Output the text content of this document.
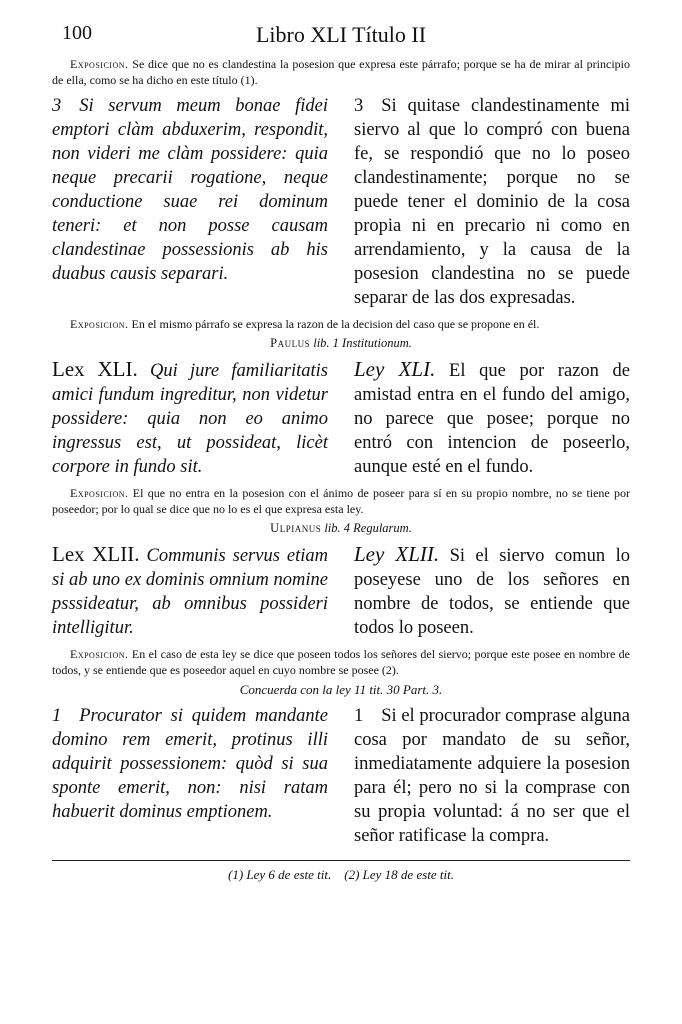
100	Libro XLI Título II

Exposicion. Se dice que no es clandestina la posesion que expresa este párrafo; porque se ha de mirar al principio de ella, como se ha dicho en este título (1).

3 Si servum meum bonae fidei emptori clàm abduxerim, respondit, non videri me clàm possidere: quia neque precarii rogatione, neque conductione suae rei dominum teneri: et non posse causam clandestinae possessionis ab his duabus causis separari.
3 Si quitase clandestinamente mi siervo al que lo compró con buena fe, se respondió que no lo poseo clandestinamente; porque no se puede tener el dominio de la cosa propia ni en precario ni como en arrendamiento, y la causa de la posesion clandestina no se puede separar de las dos expresadas.

Exposicion. En el mismo párrafo se expresa la razon de la decision del caso que se propone en él.

Paulus lib. 1 Institutionum.
Lex XLI. Qui jure familiaritatis amici fundum ingreditur, non videtur possidere: quia non eo animo ingressus est, ut possideat, licèt corpore in fundo sit.
Ley XLI. El que por razon de amistad entra en el fundo del amigo, no parece que posee; porque no entró con intencion de poseerlo, aunque esté en el fundo.

Exposicion. El que no entra en la posesion con el ánimo de poseer para sí en su propio nombre, no se tiene por poseedor; por lo qual se dice que no lo es el que expresa esta ley.

Ulpianus lib. 4 Regularum.
Lex XLII. Communis servus etiam si ab uno ex dominis omnium nomine psssideatur, ab omnibus possideri intelligitur.
Ley XLII. Si el siervo comun lo poseyese uno de los señores en nombre de todos, se entiende que todos lo poseen.

Exposicion. En el caso de esta ley se dice que poseen todos los señores del siervo; porque este posee en nombre de todos, y se entiende que es poseedor aquel en cuyo nombre se posee (2).

Concuerda con la ley 11 tit. 30 Part. 3.
1 Procurator si quidem mandante domino rem emerit, protinus illi adquirit possessionem: quòd si sua sponte emerit, non: nisi ratam habuerit dominus emptionem.
1 Si el procurador comprase alguna cosa por mandato de su señor, inmediatamente adquiere la posesion para él; pero no si la comprase con su propia voluntad: á no ser que el señor ratificase la compra.
(1) Ley 6 de este tit. (2) Ley 18 de este tit.
